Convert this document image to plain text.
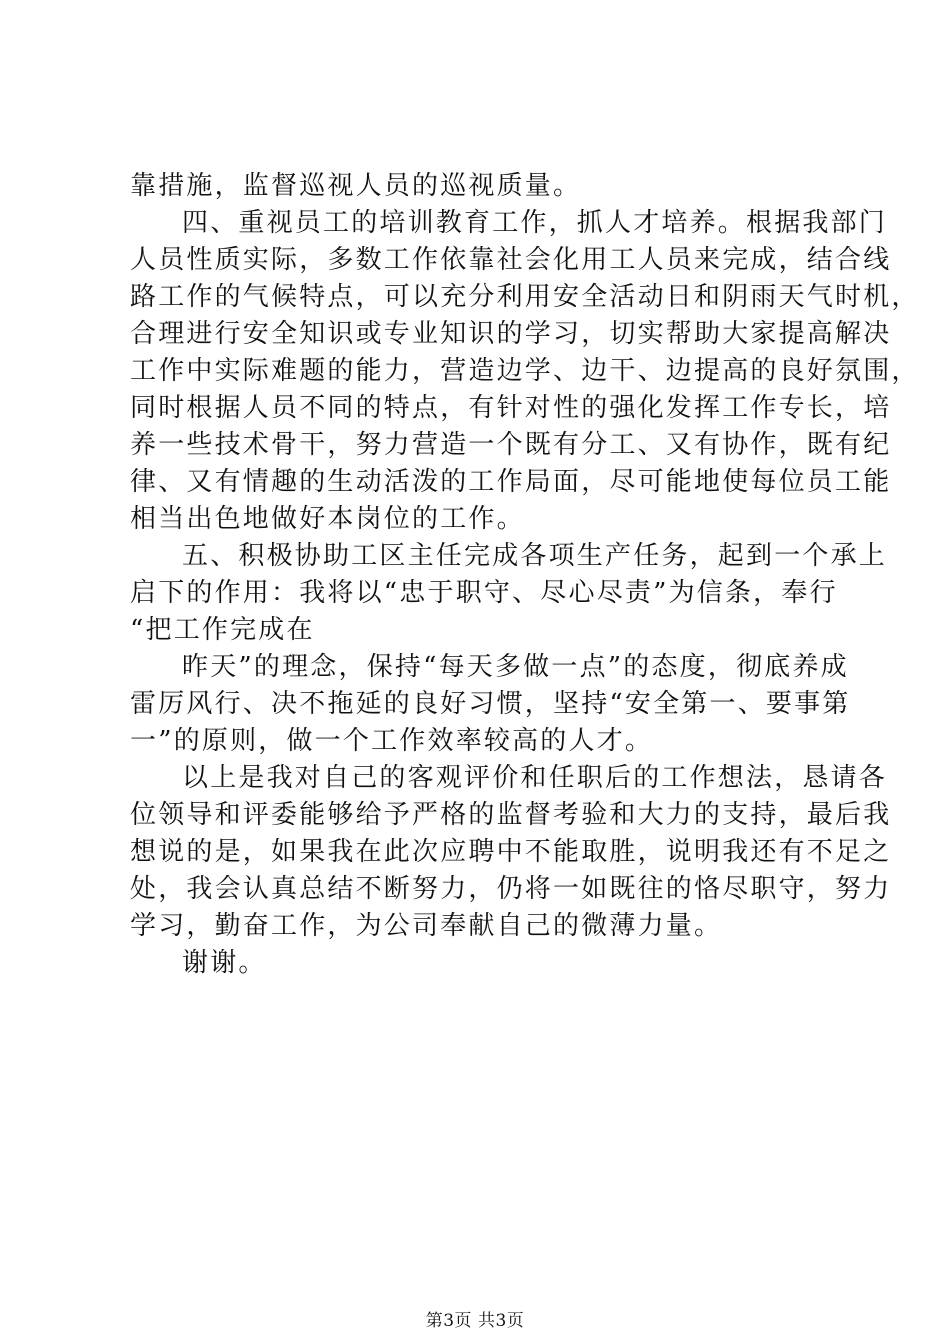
靠措施，监督巡视人员的巡视质量。
四、重视员工的培训教育工作，抓人才培养。根据我部门
人员性质实际，多数工作依靠社会化用工人员来完成，结合线
路工作的气候特点，可以充分利用安全活动日和阴雨天气时机，
合理进行安全知识或专业知识的学习，切实帮助大家提高解决
工作中实际难题的能力，营造边学、边干、边提高的良好氛围，
同时根据人员不同的特点，有针对性的强化发挥工作专长，培
养一些技术骨干，努力营造一个既有分工、又有协作，既有纪
律、又有情趣的生动活泼的工作局面，尽可能地使每位员工能
相当出色地做好本岗位的工作。
五、积极协助工区主任完成各项生产任务，起到一个承上
启下的作用：我将以“忠于职守、尽心尽责”为信条，奉行
“把工作完成在
昨天”的理念，保持“每天多做一点”的态度，彻底养成
雷厉风行、决不拖延的良好习惯，坚持“安全第一、要事第
一”的原则，做一个工作效率较高的人才。
以上是我对自己的客观评价和任职后的工作想法，恳请各
位领导和评委能够给予严格的监督考验和大力的支持，最后我
想说的是，如果我在此次应聘中不能取胜，说明我还有不足之
处，我会认真总结不断努力，仍将一如既往的恪尽职守，努力
学习，勤奋工作，为公司奉献自己的微薄力量。
谢谢。
第3页 共3页
